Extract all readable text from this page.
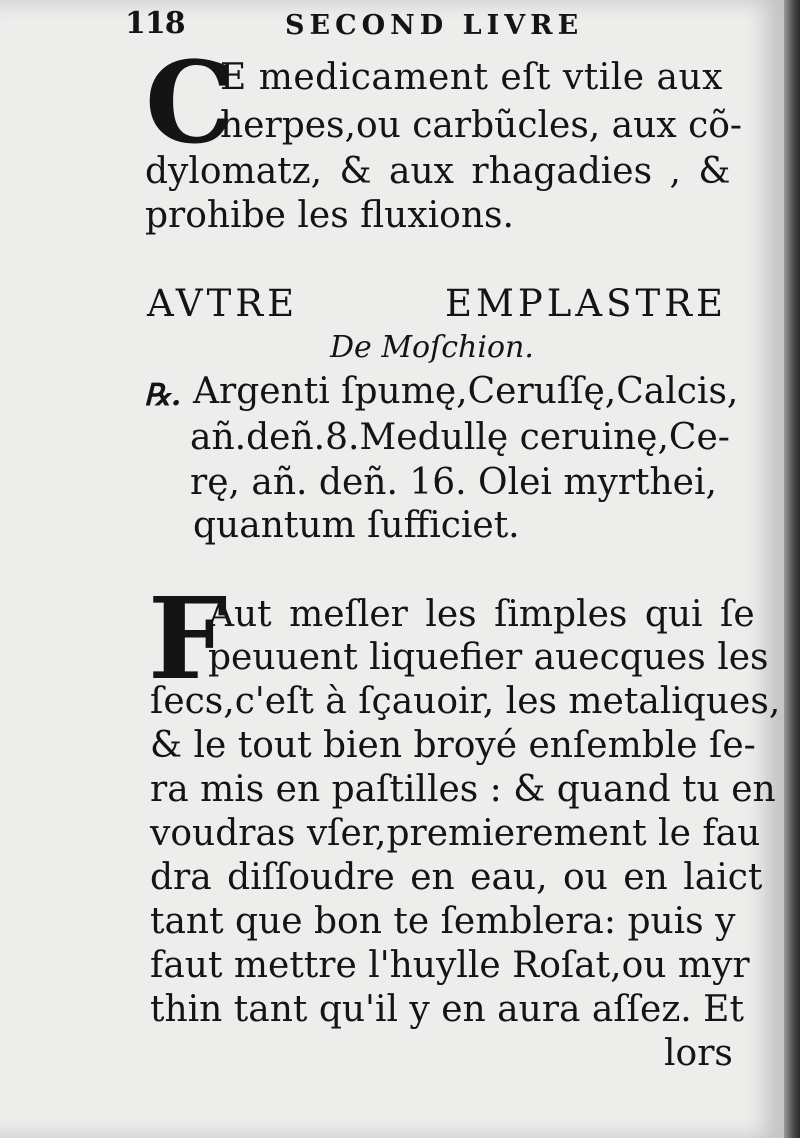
118	SECOND LIVRE
C
E medicament eſt vtile aux
herpes,ou carbũcles, aux cõ-
dylomatz, & aux rhagadies , &
prohibe les fluxions.
AVTRE	EMPLASTRE
De Moſchion.
℞. Argenti ſpumę,Ceruſſę,Calcis,
añ.deñ.8.Medullę ceruinę,Ce-
rę, añ. deñ. 16. Olei myrthei,
quantum ſufficiet.
F
Aut meſler les ſimples qui ſe
peuuent liquefier auecques les
ſecs,c'eſt à ſçauoir, les metaliques,
& le tout bien broyé enſemble ſe-
ra mis en paſtilles : & quand tu en
voudras vſer,premierement le fau
dra diſſoudre en eau, ou en laict
tant que bon te ſemblera: puis y
faut mettre l'huylle Roſat,ou myr
thin tant qu'il y en aura aſſez. Et
lors
